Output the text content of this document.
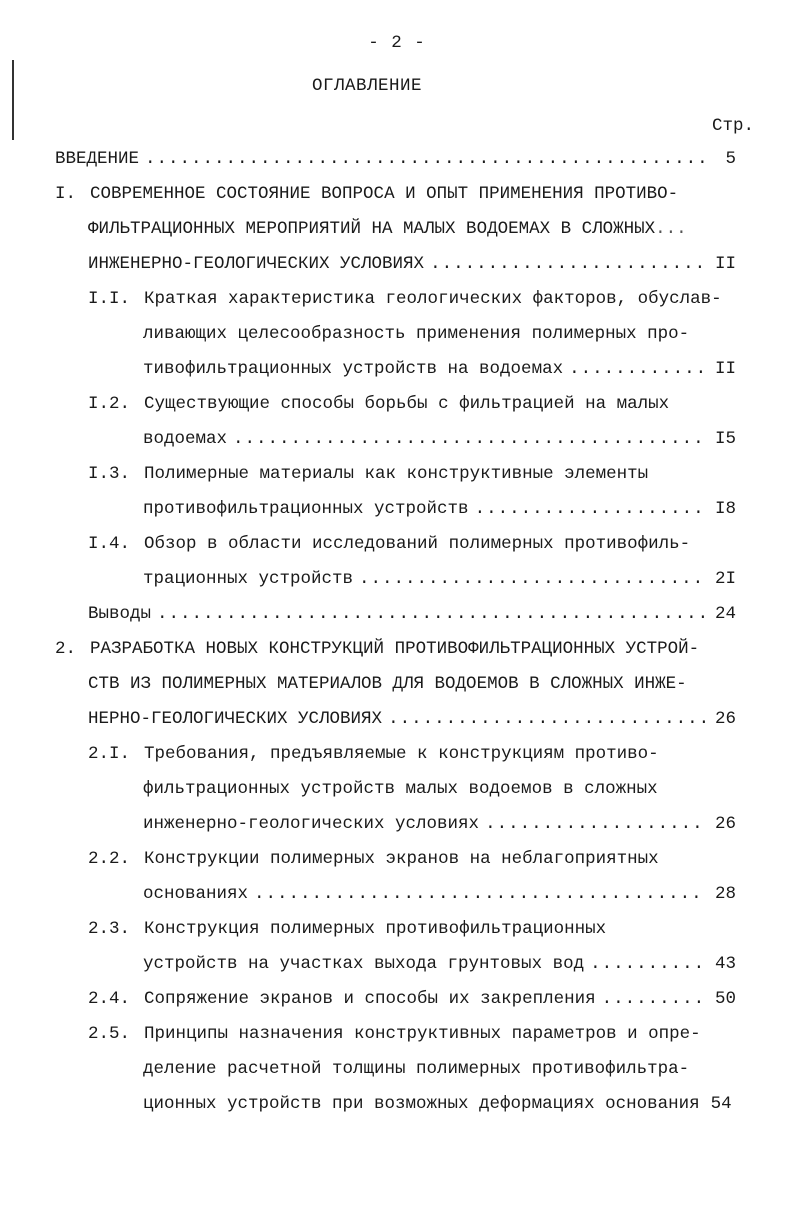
- 2 -
ОГЛАВЛЕНИЕ
Стр.
ВВЕДЕНИЕ .....	5
I. СОВРЕМЕННОЕ СОСТОЯНИЕ ВОПРОСА И ОПЫТ ПРИМЕНЕНИЯ ПРОТИВО-
ФИЛЬТРАЦИОННЫХ МЕРОПРИЯТИЙ НА МАЛЫХ ВОДОЕМАХ В СЛОЖНЫХ ...
ИНЖЕНЕРНО-ГЕОЛОГИЧЕСКИХ УСЛОВИЯХ .....	II
I.I. Краткая характеристика геологических факторов, обуслав-
ливающих целесообразность применения полимерных про-
тивофильтрационных устройств на водоемах .....	II
I.2. Существующие способы борьбы с фильтрацией на малых
водоемах .....	I5
I.3. Полимерные материалы как конструктивные элементы
противофильтрационных устройств .....	I8
I.4. Обзор в области исследований полимерных противофиль-
трационных устройств .....	2I
Выводы .....	24
2. РАЗРАБОТКА НОВЫХ КОНСТРУКЦИЙ ПРОТИВОФИЛЬТРАЦИОННЫХ УСТРОЙ-
СТВ ИЗ ПОЛИМЕРНЫХ МАТЕРИАЛОВ ДЛЯ ВОДОЕМОВ В СЛОЖНЫХ ИНЖЕ-
НЕРНО-ГЕОЛОГИЧЕСКИХ УСЛОВИЯХ .....	26
2.I. Требования, предъявляемые к конструкциям противо-
фильтрационных устройств малых водоемов в сложных
инженерно-геологических условиях .....	26
2.2. Конструкции полимерных экранов на неблагоприятных
основаниях .....	28
2.3. Конструкция полимерных противофильтрационных
устройств на участках выхода грунтовых вод .....	43
2.4. Сопряжение экранов и способы их закрепления .....	50
2.5. Принципы назначения конструктивных параметров и опре-
деление расчетной толщины полимерных противофильтра-
ционных устройств при возможных деформациях основания 54
